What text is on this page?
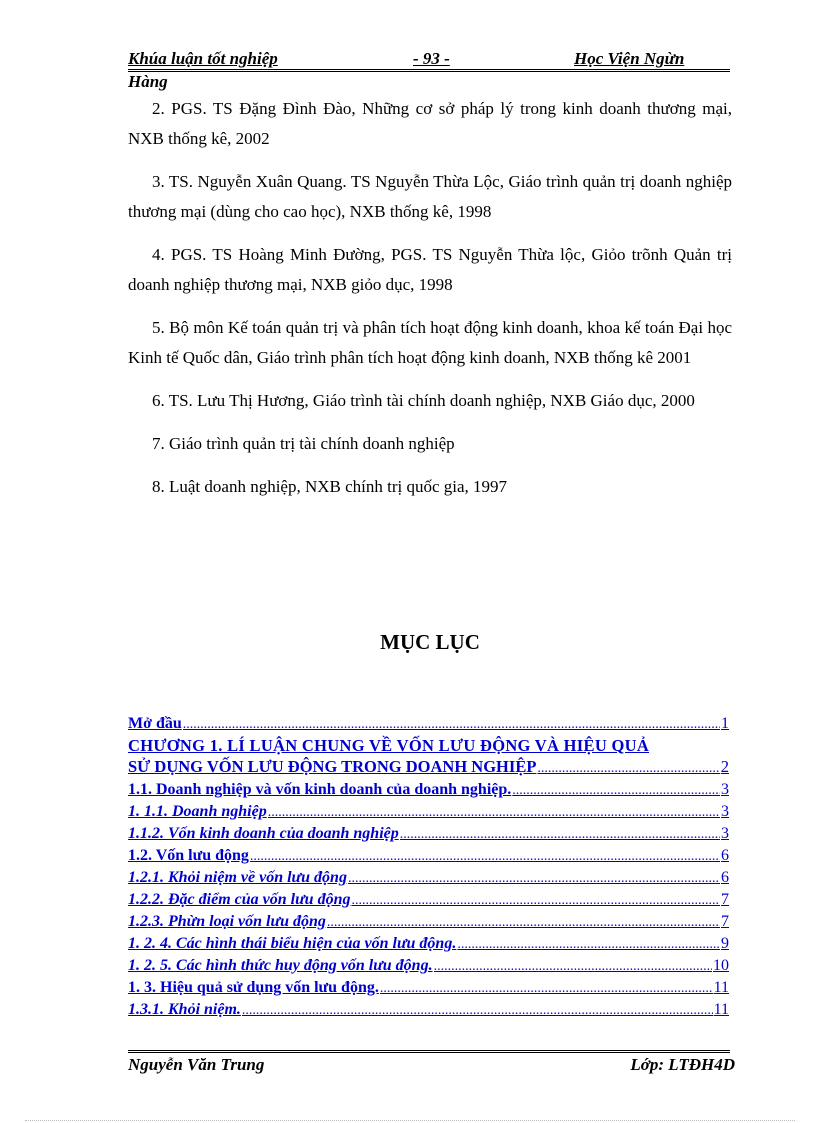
Khúa luận tốt nghiệp	- 93 -	Học Viện Ngừn
Hàng

2. PGS. TS Đặng Đình Đào, Những cơ sở pháp lý trong kinh doanh thương mại, NXB thống kê, 2002

3. TS. Nguyễn Xuân Quang. TS Nguyễn Thừa Lộc, Giáo trình quản trị doanh nghiệp thương mại (dùng cho cao học), NXB thống kê, 1998

4. PGS. TS Hoàng Minh Đường, PGS. TS Nguyễn Thừa lộc, Giỏo trõnh Quản trị doanh nghiệp thương mại, NXB giỏo dục, 1998

5. Bộ môn Kế toán quản trị và phân tích hoạt động kinh doanh, khoa kế toán Đại học Kinh tế Quốc dân, Giáo trình phân tích hoạt động kinh doanh, NXB thống kê 2001

6. TS. Lưu Thị Hương, Giáo trình tài chính doanh nghiệp, NXB Giáo dục, 2000

7. Giáo trình quản trị tài chính doanh nghiệp

8. Luật doanh nghiệp, NXB chính trị quốc gia, 1997

MỤC LỤC
Mở đầu .....	1
CHƯƠNG 1. LÍ LUẬN CHUNG VỀ VỐN LƯU ĐỘNG VÀ HIỆU QUẢ
SỬ DỤNG VỐN LƯU ĐỘNG TRONG DOANH NGHIỆP .....	2
1.1. Doanh nghiệp và vốn kinh doanh của doanh nghiệp. .....	3
1. 1.1. Doanh nghiệp .....	3
1.1.2. Vốn kinh doanh của doanh nghiệp .....	3
1.2. Vốn lưu động .....	6
1.2.1. Khỏi niệm về vốn lưu động .....	6
1.2.2. Đặc điểm của vốn lưu động .....	7
1.2.3. Phừn loại vốn lưu động .....	7
1. 2. 4. Các hình thái biểu hiện của vốn lưu động. .....	9
1. 2. 5. Các hình thức huy động vốn lưu động. .....	10
1. 3. Hiệu quả sử dụng vốn lưu động. .....	11
1.3.1. Khỏi niệm. .....	11
Nguyễn Văn Trung	Lớp: LTĐH4D
